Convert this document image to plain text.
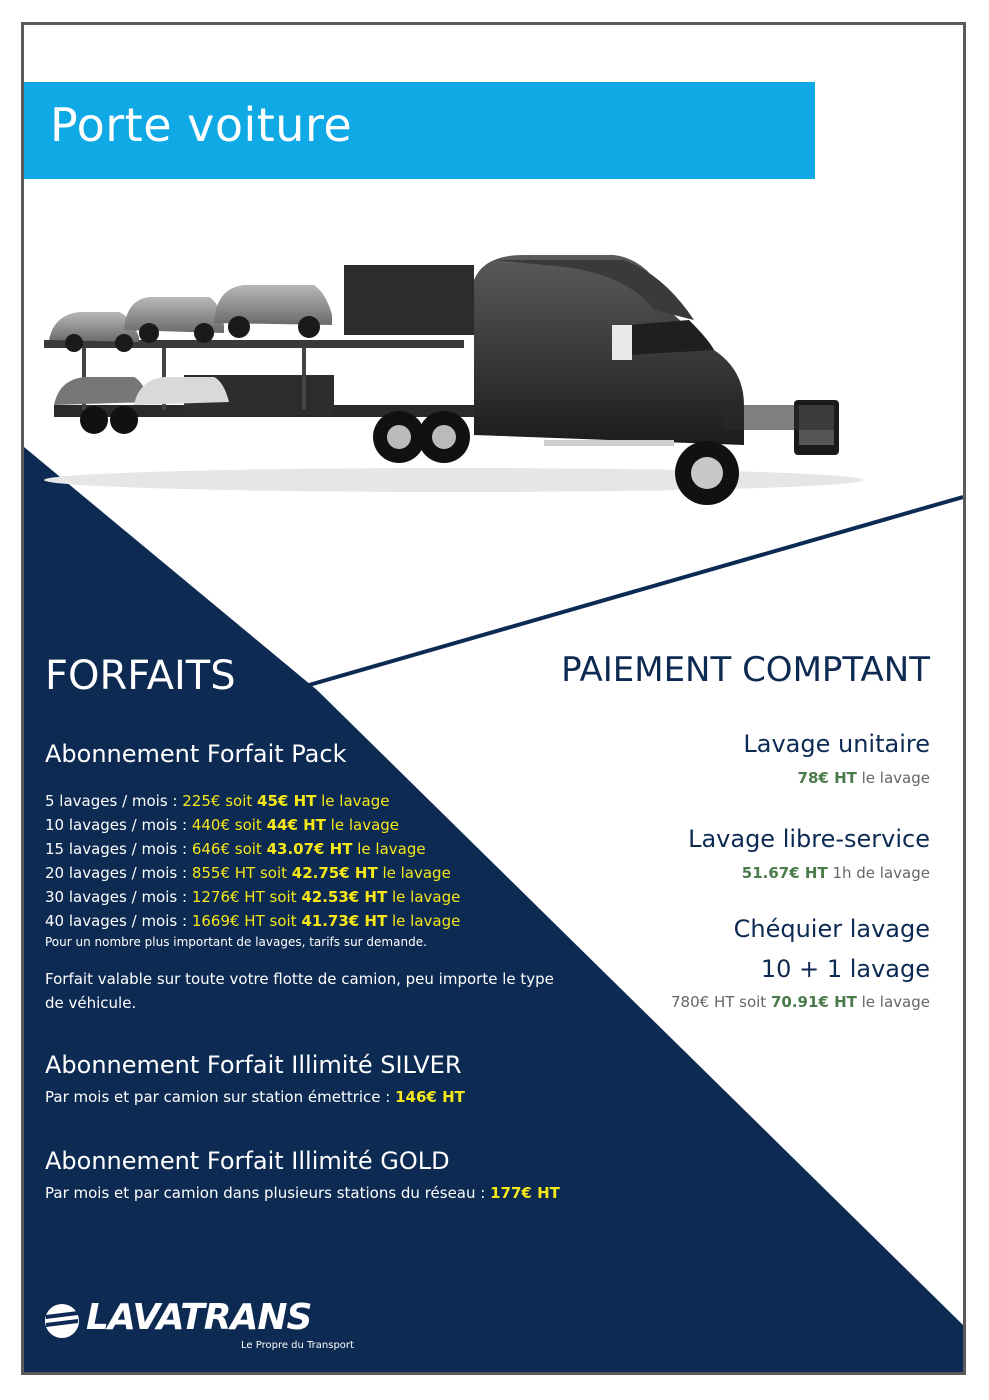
Porte voiture
FORFAITS
Abonnement Forfait Pack
5 lavages / mois : 225€ soit 45€ HT le lavage
10 lavages / mois : 440€ soit 44€ HT le lavage
15 lavages / mois : 646€ soit 43.07€ HT le lavage
20 lavages / mois : 855€ HT soit 42.75€ HT le lavage
30 lavages / mois : 1276€ HT soit 42.53€ HT le lavage
40 lavages / mois : 1669€ HT soit 41.73€ HT le lavage
Pour un nombre plus important de lavages, tarifs sur demande.
Forfait valable sur toute votre flotte de camion, peu importe le type de véhicule.
Abonnement Forfait Illimité SILVER
Par mois et par camion sur station émettrice : 146€ HT
Abonnement Forfait Illimité GOLD
Par mois et par camion dans plusieurs stations du réseau : 177€ HT
PAIEMENT COMPTANT
Lavage unitaire
78€ HT le lavage
Lavage libre-service
51.67€ HT 1h de lavage
Chéquier lavage
10 + 1 lavage
780€ HT soit 70.91€ HT le lavage
LAVATRANS
Le Propre du Transport
